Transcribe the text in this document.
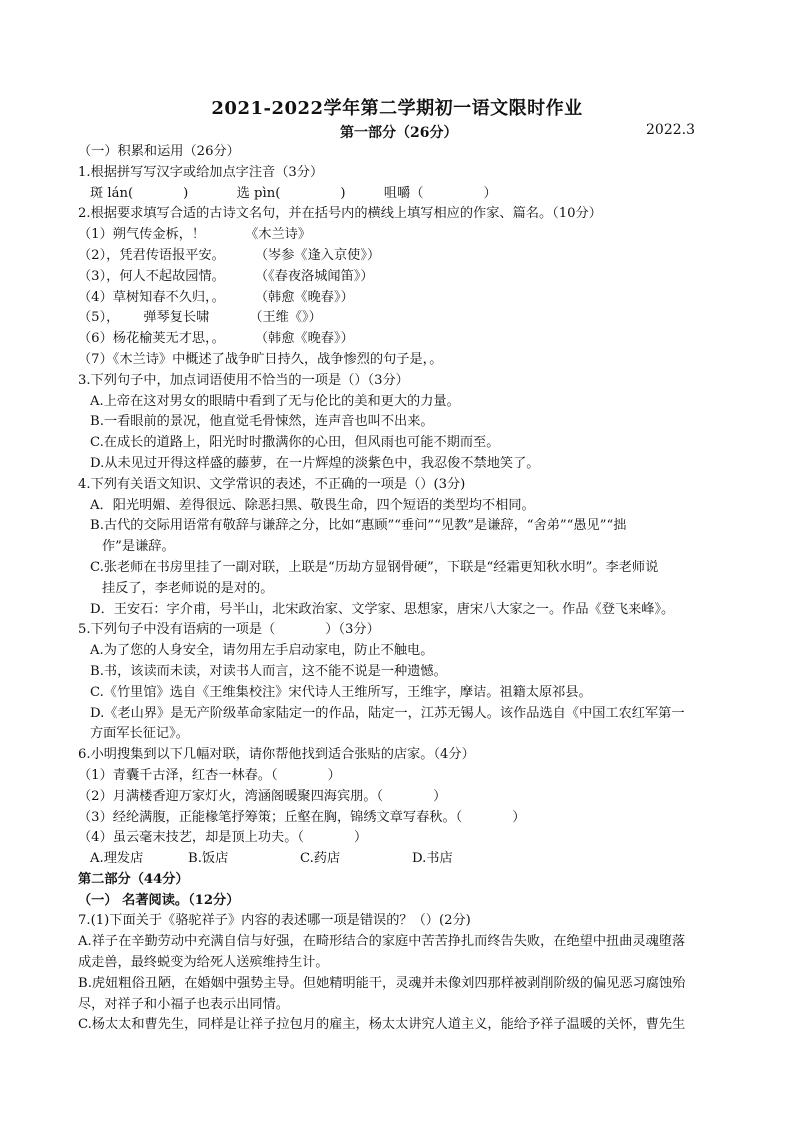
2021-2022学年第二学期初一语文限时作业
第一部分（26分）	2022.3
（一）积累和运用（26分）
1.根据拼写写汉字或给加点字注音（3分）
斑 lán(	)	选 pìn(	)	咀嚼（	）
2.根据要求填写合适的古诗文名句，并在括号内的横线上填写相应的作家、篇名。（10分）
（1）朔气传金柝，！	《木兰诗》
（2），凭君传语报平安。 （岑参《逢入京使》）
（3），何人不起故园情。 （《春夜洛城闻笛》）
（4）草树知春不久归，。 （韩愈《晚春》）
（5）， 弹琴复长啸	（王维《》）
（6）杨花榆荚无才思，。 （韩愈《晚春》）
（7）《木兰诗》中概述了战争旷日持久，战争惨烈的句子是，。
3.下列句子中，加点词语使用不恰当的一项是（）（3分）
A.上帝在这对男女的眼睛中看到了无与伦比的美和更大的力量。
B.一看眼前的景况，他直觉毛骨悚然，连声音也叫不出来。
C.在成长的道路上，阳光时时撒满你的心田，但风雨也可能不期而至。
D.从未见过开得这样盛的藤萝，在一片辉煌的淡紫色中，我忍俊不禁地笑了。
4.下列有关语文知识、文学常识的表述，不正确的一项是（）(3分)
A．阳光明媚、差得很远、除恶扫黑、敬畏生命，四个短语的类型均不相同。
B.古代的交际用语常有敬辞与谦辞之分，比如“惠顾”“垂问”“见教”是谦辞，“舍弟”“愚见”“拙
作”是谦辞。
C.张老师在书房里挂了一副对联，上联是“历劫方显钢骨硬”，下联是“经霜更知秋水明”。李老师说
挂反了，李老师说的是对的。
D．王安石：字介甫，号半山，北宋政治家、文学家、思想家，唐宋八大家之一。作品《登飞来峰》。
5.下列句子中没有语病的一项是（	）（3分）
A.为了您的人身安全，请勿用左手启动家电，防止不触电。
B.书，该读而未读，对读书人而言，这不能不说是一种遗憾。
C.《竹里馆》选自《王维集校注》宋代诗人王维所写，王维字，摩诘。祖籍太原祁县。
D.《老山界》是无产阶级革命家陆定一的作品，陆定一，江苏无锡人。该作品选自《中国工农红军第一
方面军长征记》。
6.小明搜集到以下几幅对联，请你帮他找到适合张贴的店家。（4分）
（1）青囊千古泽，红杏一林春。（	）
（2）月满楼香迎万家灯火，湾涵阁暖聚四海宾朋。（	）
（3）经纶满腹，正能椽笔抒筹策；丘壑在胸，锦绣文章写春秋。（	）
（4）虽云毫末技艺，却是顶上功夫。（	）
A.理发店	B.饭店	C.药店	D.书店
第二部分（44分）
（一） 名著阅读。（12分）
7.(1)下面关于《骆驼祥子》内容的表述哪一项是错误的？（）(2分)
A.祥子在辛勤劳动中充满自信与好强，在畸形结合的家庭中苦苦挣扎而终告失败，在绝望中扭曲灵魂堕落
成走兽，最终蜕变为给死人送殡维持生计。
B.虎妞粗俗丑陋，在婚姻中强势主导。但她精明能干，灵魂并未像刘四那样被剥削阶级的偏见恶习腐蚀殆
尽，对祥子和小福子也表示出同情。
C.杨太太和曹先生，同样是让祥子拉包月的雇主，杨太太讲究人道主义，能给予祥子温暖的关怀，曹先生
